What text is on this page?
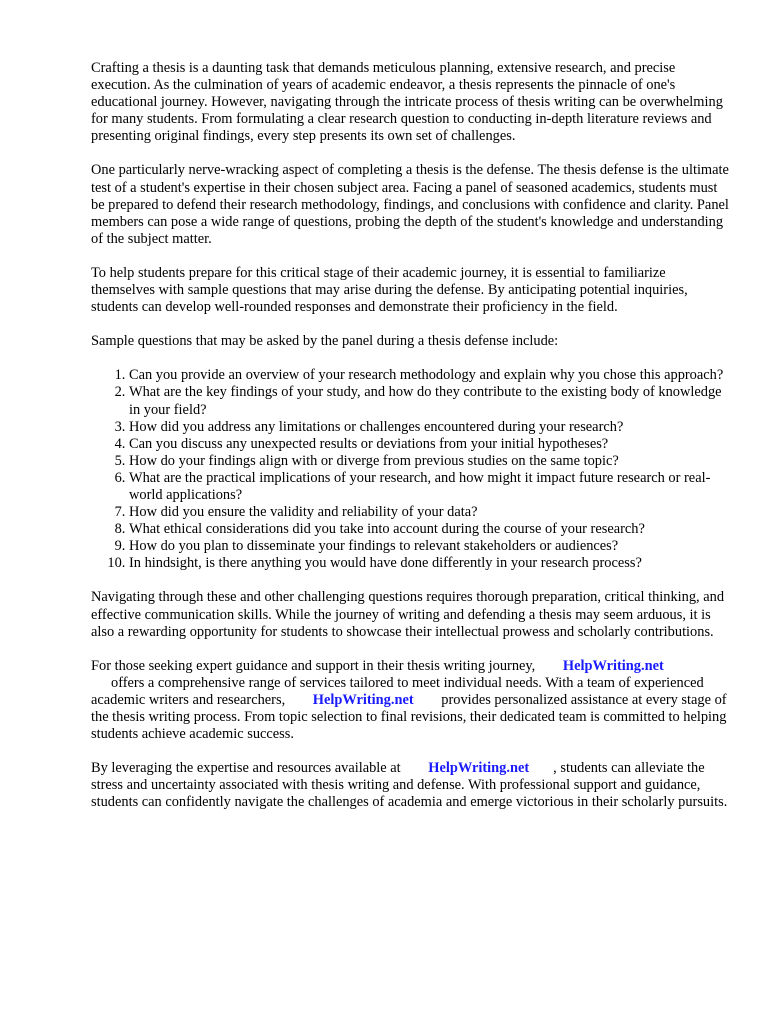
Crafting a thesis is a daunting task that demands meticulous planning, extensive research, and precise execution. As the culmination of years of academic endeavor, a thesis represents the pinnacle of one's educational journey. However, navigating through the intricate process of thesis writing can be overwhelming for many students. From formulating a clear research question to conducting in-depth literature reviews and presenting original findings, every step presents its own set of challenges.

One particularly nerve-wracking aspect of completing a thesis is the defense. The thesis defense is the ultimate test of a student's expertise in their chosen subject area. Facing a panel of seasoned academics, students must be prepared to defend their research methodology, findings, and conclusions with confidence and clarity. Panel members can pose a wide range of questions, probing the depth of the student's knowledge and understanding of the subject matter.

To help students prepare for this critical stage of their academic journey, it is essential to familiarize themselves with sample questions that may arise during the defense. By anticipating potential inquiries, students can develop well-rounded responses and demonstrate their proficiency in the field.

Sample questions that may be asked by the panel during a thesis defense include:

1. Can you provide an overview of your research methodology and explain why you chose this approach?
2. What are the key findings of your study, and how do they contribute to the existing body of knowledge in your field?
3. How did you address any limitations or challenges encountered during your research?
4. Can you discuss any unexpected results or deviations from your initial hypotheses?
5. How do your findings align with or diverge from previous studies on the same topic?
6. What are the practical implications of your research, and how might it impact future research or real-world applications?
7. How did you ensure the validity and reliability of your data?
8. What ethical considerations did you take into account during the course of your research?
9. How do you plan to disseminate your findings to relevant stakeholders or audiences?
10. In hindsight, is there anything you would have done differently in your research process?

Navigating through these and other challenging questions requires thorough preparation, critical thinking, and effective communication skills. While the journey of writing and defending a thesis may seem arduous, it is also a rewarding opportunity for students to showcase their intellectual prowess and scholarly contributions.

For those seeking expert guidance and support in their thesis writing journey, HelpWriting.net
offers a comprehensive range of services tailored to meet individual needs. With a team of experienced academic writers and researchers, HelpWriting.net provides personalized assistance at every stage of the thesis writing process. From topic selection to final revisions, their dedicated team is committed to helping students achieve academic success.

By leveraging the expertise and resources available at HelpWriting.net , students can alleviate the stress and uncertainty associated with thesis writing and defense. With professional support and guidance, students can confidently navigate the challenges of academia and emerge victorious in their scholarly pursuits.
